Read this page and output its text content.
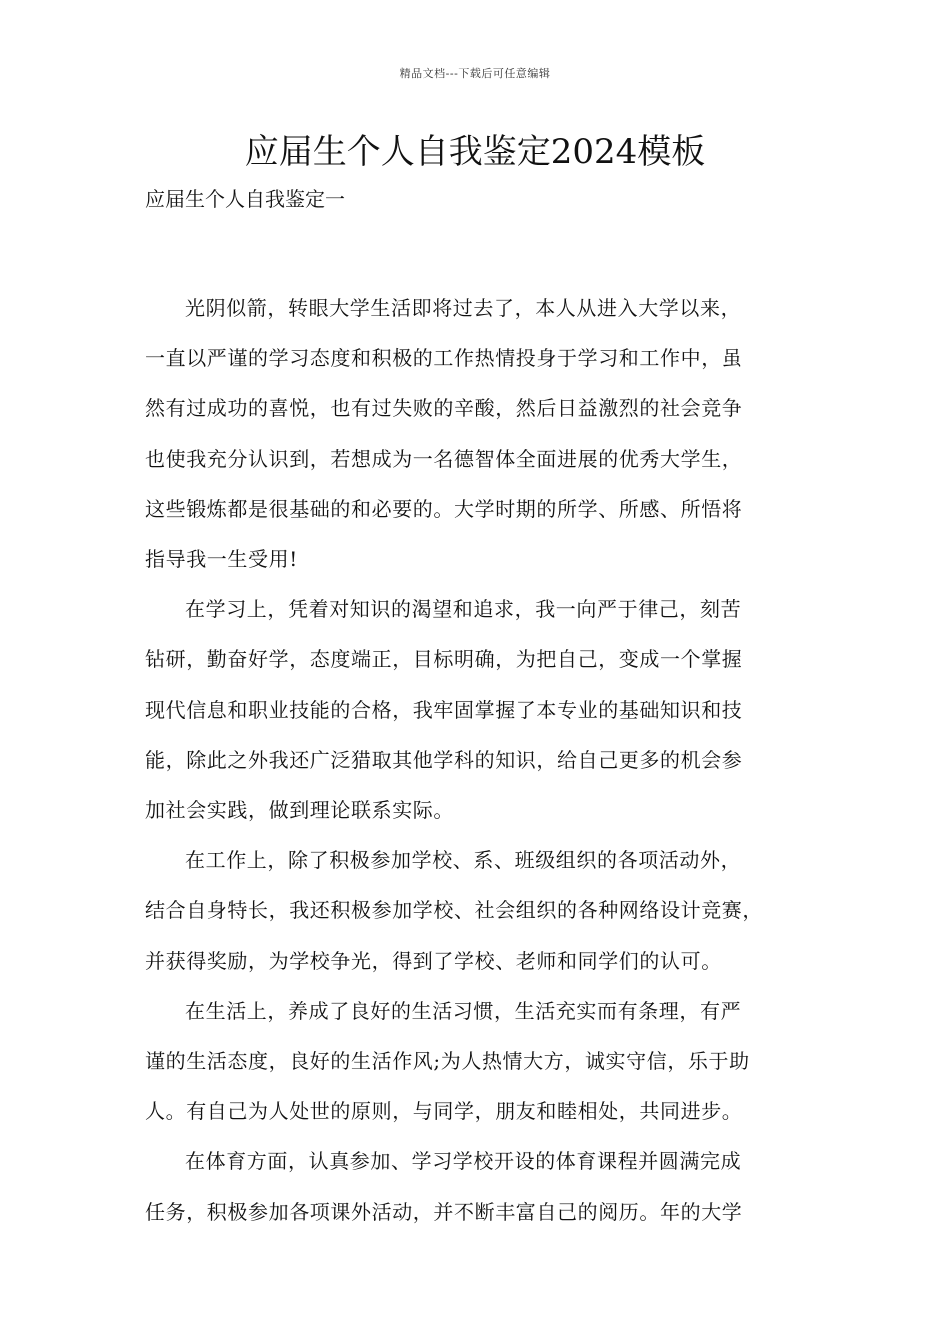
精品文档---下载后可任意编辑
应届生个人自我鉴定2024模板
应届生个人自我鉴定一

光阴似箭，转眼大学生活即将过去了，本人从进入大学以来，
一直以严谨的学习态度和积极的工作热情投身于学习和工作中，虽
然有过成功的喜悦，也有过失败的辛酸，然后日益激烈的社会竞争
也使我充分认识到，若想成为一名德智体全面进展的优秀大学生，
这些锻炼都是很基础的和必要的。大学时期的所学、所感、所悟将
指导我一生受用!

在学习上，凭着对知识的渴望和追求，我一向严于律己，刻苦
钻研，勤奋好学，态度端正，目标明确，为把自己，变成一个掌握
现代信息和职业技能的合格，我牢固掌握了本专业的基础知识和技
能，除此之外我还广泛猎取其他学科的知识，给自己更多的机会参
加社会实践，做到理论联系实际。

在工作上，除了积极参加学校、系、班级组织的各项活动外，
结合自身特长，我还积极参加学校、社会组织的各种网络设计竞赛，
并获得奖励，为学校争光，得到了学校、老师和同学们的认可。

在生活上，养成了良好的生活习惯，生活充实而有条理，有严
谨的生活态度，良好的生活作风;为人热情大方，诚实守信，乐于助
人。有自己为人处世的原则，与同学，朋友和睦相处，共同进步。

在体育方面，认真参加、学习学校开设的体育课程并圆满完成
任务，积极参加各项课外活动，并不断丰富自己的阅历。年的大学
